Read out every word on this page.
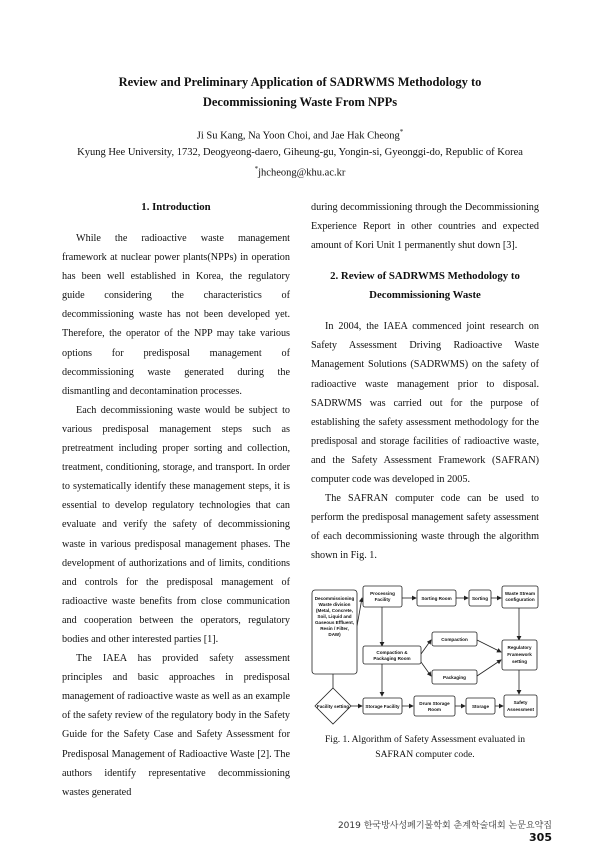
Review and Preliminary Application of SADRWMS Methodology to
Decommissioning Waste From NPPs
Ji Su Kang, Na Yoon Choi, and Jae Hak Cheong*
Kyung Hee University, 1732, Deogyeong-daero, Giheung-gu, Yongin-si, Gyeonggi-do, Republic of Korea
*jhcheong@khu.ac.kr
1. Introduction

While the radioactive waste management framework at nuclear power plants(NPPs) in operation has been well established in Korea, the regulatory guide considering the characteristics of decommissioning waste has not been developed yet. Therefore, the operator of the NPP may take various options for predisposal management of decommissioning waste generated during the dismantling and decontamination processes.

Each decommissioning waste would be subject to various predisposal management steps such as pretreatment including proper sorting and collection, treatment, conditioning, storage, and transport. In order to systematically identify these management steps, it is essential to develop regulatory technologies that can evaluate and verify the safety of decommissioning waste in various predisposal management phases. The development of authorizations and of limits, conditions and controls for the predisposal management of radioactive waste benefits from close communication and cooperation between the operators, regulatory bodies and other interested parties [1].

The IAEA has provided safety assessment principles and basic approaches in predisposal management of radioactive waste as well as an example of the safety review of the regulatory body in the Safety Guide for the Safety Case and Safety Assessment for Predisposal Management of Radioactive Waste [2]. The authors identify representative decommissioning wastes generated

during decommissioning through the Decommissioning Experience Report in other countries and expected amount of Kori Unit 1 permanently shut down [3].

2. Review of SADRWMS Methodology to
Decommissioning Waste

In 2004, the IAEA commenced joint research on Safety Assessment Driving Radioactive Waste Management Solutions (SADRWMS) on the safety of radioactive waste management prior to disposal. SADRWMS was carried out for the purpose of establishing the safety assessment methodology for the predisposal and storage facilities of radioactive waste, and the Safety Assessment Framework (SAFRAN) computer code was developed in 2005.

The SAFRAN computer code can be used to perform the predisposal management safety assessment of each decommissioning waste through the algorithm shown in Fig. 1.

Decommissioning
Waste division
(Metal, Concrete,
Soil, Liquid and
Gaseous Effluent,
Resin / Filter,
DAW)
Processing
Facility	Sorting Room	Sorting
Waste Stream
configuration
Compaction &
Packaging Room
Compaction
Packaging
Regulatory
Framework
setting
Facility setting	Storage Facility
Drum Storage
Room
Storage
Safety
Assessment
Fig. 1. Algorithm of Safety Assessment evaluated in
SAFRAN computer code.
2019 한국방사성폐기물학회 춘계학술대회 논문요약집305
